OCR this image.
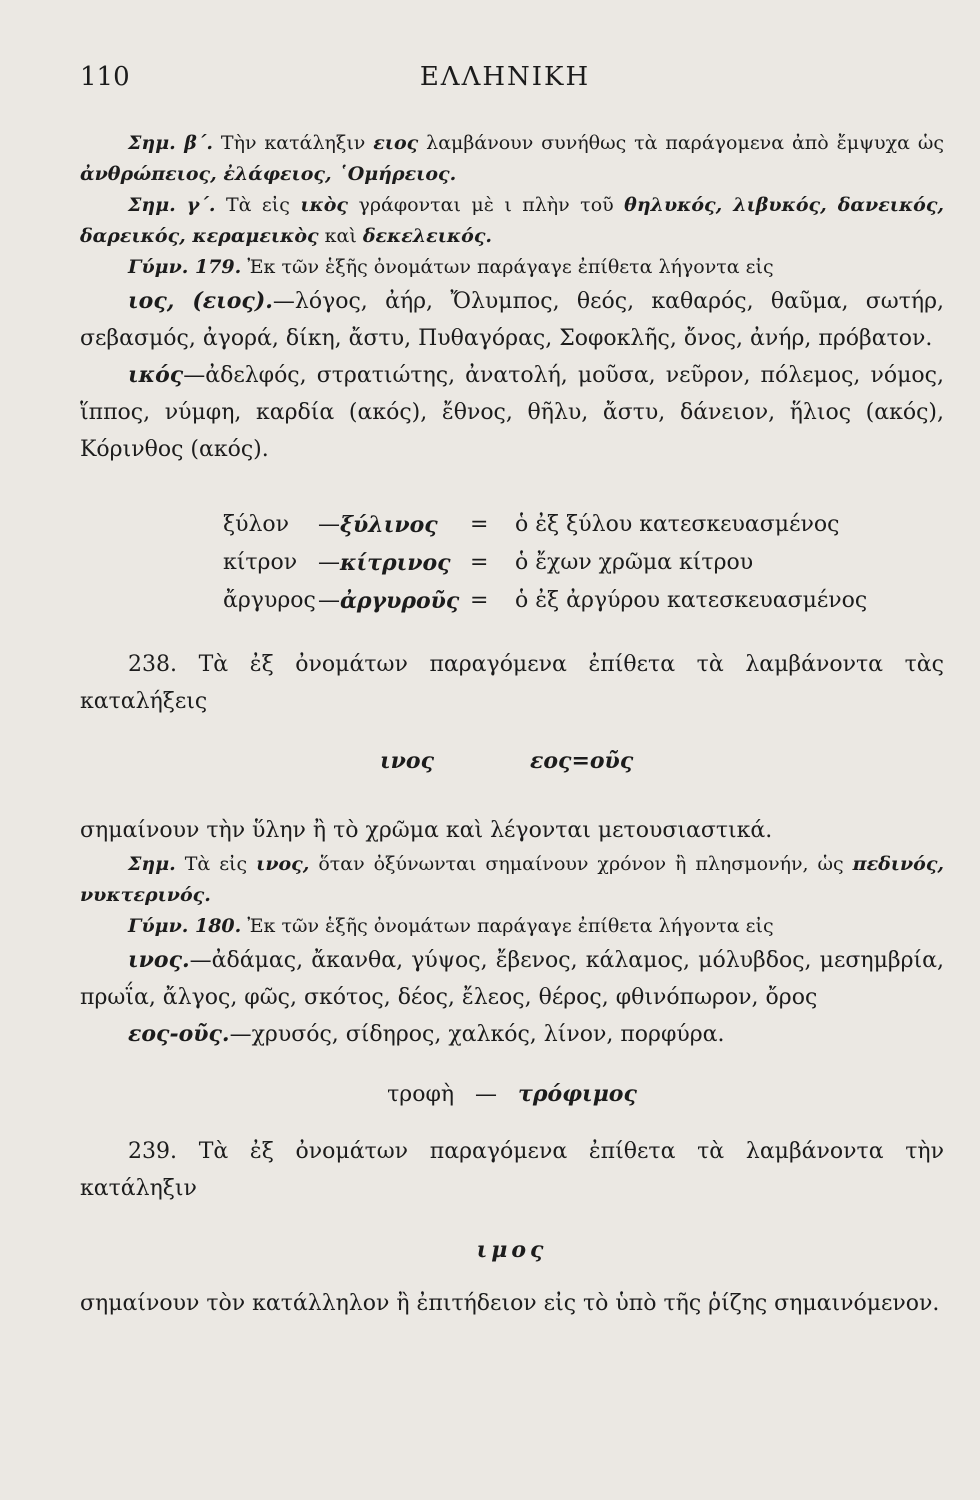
110	ΕΛΛΗΝΙΚΗ

Σημ. β΄. Τὴν κατάληξιν ειος λαμβάνουν συνήθως τὰ παράγομενα ἀπὸ ἔμψυχα ὡς ἀνθρώπειος, ἐλάφειος, ῾Ομήρειος.

Σημ. γ΄. Τὰ εἰς ικὸς γράφονται μὲ ι πλὴν τοῦ θηλυκός, λιβυκός, δανεικός, δαρεικός, κεραμεικὸς καὶ δεκελεικός.

Γύμν. 179. Ἐκ τῶν ἑξῆς ὀνομάτων παράγαγε ἐπίθετα λήγοντα εἰς

ιος, (ειος).—λόγος, ἀήρ, Ὄλυμπος, θεός, καθαρός, θαῦμα, σωτήρ, σεβασμός, ἀγορά, δίκη, ἄστυ, Πυθαγόρας, Σοφοκλῆς, ὄνος, ἀνήρ, πρόβατον.

ικός—ἀδελφός, στρατιώτης, ἀνατολή, μοῦσα, νεῦρον, πόλεμος, νόμος, ἵππος, νύμφη, καρδία (ακός), ἔθνος, θῆλυ, ἄστυ, δάνειον, ἥλιος (ακός), Κόρινθος (ακός).

ξύλον	— ξύλινος	=	ὁ ἐξ ξύλου κατεσκευασμένος
κίτρον — κίτρινος =	ὁ ἔχων χρῶμα κίτρου
ἄργυρος — ἀργυροῦς =	ὁ ἐξ ἀργύρου κατεσκευασμένος

238. Τὰ ἐξ ὀνομάτων παραγόμενα ἐπίθετα τὰ λαμβάνοντα τὰς καταλήξεις

ινος	εος=οῦς

σημαίνουν τὴν ὕλην ἢ τὸ χρῶμα καὶ λέγονται μετουσιαστικά.

Σημ. Τὰ εἰς ινος, ὅταν ὀξύνωνται σημαίνουν χρόνον ἢ πλησμονήν, ὡς πεδινός, νυκτερινός.

Γύμν. 180. Ἐκ τῶν ἑξῆς ὀνομάτων παράγαγε ἐπίθετα λήγοντα εἰς

ινος.—ἀδάμας, ἄκανθα, γύψος, ἔβενος, κάλαμος, μόλυβδος, μεσημβρία, πρωΐα, ἄλγος, φῶς, σκότος, δέος, ἔλεος, θέρος, φθινόπωρον, ὄρος

εος-οῦς.—χρυσός, σίδηρος, χαλκός, λίνον, πορφύρα.

τροφὴ — τρόφιμος

239. Τὰ ἐξ ὀνομάτων παραγόμενα ἐπίθετα τὰ λαμβάνοντα τὴν κατάληξιν

ιμος

σημαίνουν τὸν κατάλληλον ἢ ἐπιτήδειον εἰς τὸ ὑπὸ τῆς ῥίζης σημαινόμενον.
